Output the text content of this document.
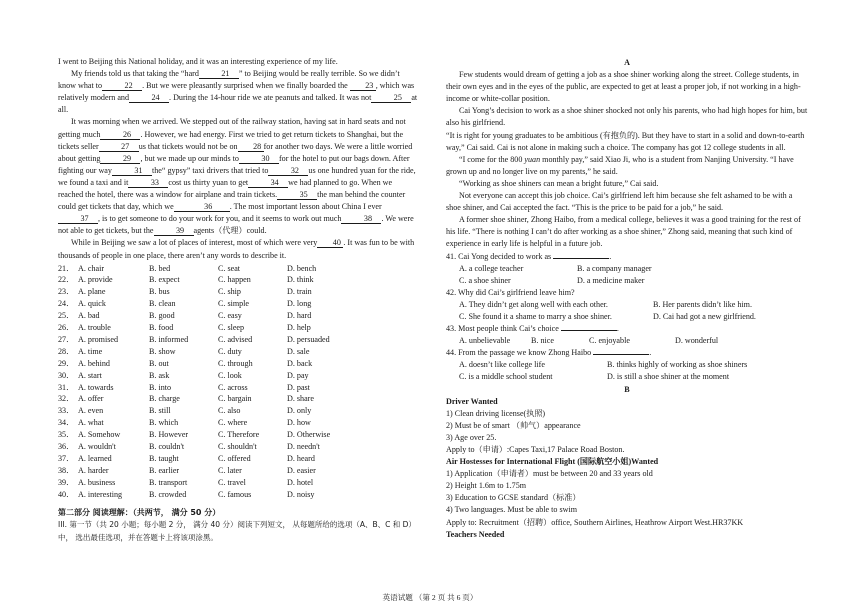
I went to Beijing this National holiday, and it was an interesting experience of my life.

My friends told us that taking the “hard	21 ” to Beijing would be really terrible. So we didn’t know what to	22 . But we were pleasantly surprised when we finally boarded the 23 , which was relatively modern and	24 . During the 14-hour ride we ate peanuts and talked. It was not	25 at all.

It was morning when we arrived. We stepped out of the railway station, having sat in hard seats and not getting much	26 . However, we had energy. First we tried to get return tickets to Shanghai, but the tickets seller	27 us that tickets would not be on 28 for another two days. We were a little worried about getting	29 , but we made up our minds to	30 for the hotel to put our bags down. After fighting our way	31 the“ gypsy” taxi drivers that tried to	32 us one hundred yuan for the ride, we found a taxi and it	33 cost us thirty yuan to get	34 we had planned to go. When we reached the hotel, there was a window for airplane and train tickets.	35 the man behind the counter could get tickets that day, which we	36 . The most important lesson about China I ever37 , is to get someone to do your work for you, and it seems to work out much	38 . We were not able to get tickets, but the	39 agents（代理）could.

While in Beijing we saw a lot of places of interest, most of which were very 40 . It was fun to be with thousands of people in one place, there aren’t any words to describe it.

21． A. chair	B. bed	C. seat	D. bench
22． A. provide	B. expect	C. happen	D. think
23． A. plane	B. bus	C. ship	D. train
24． A. quick	B. clean	C. simple	D. long
25． A. bad	B. good	C. easy	D. hard
26． A. trouble	B. food	C. sleep	D. help
27． A. promised	B. informed	C. advised	D. persuaded
28． A. time	B. show	C. duty	D. sale
29． A. behind	B. out	C. through	D. back
30． A. start	B. ask	C. look	D. pay
31． A. towards	B. into	C. across	D. past
32． A. offer	B. charge	C. bargain	D. share
33． A. even	B. still	C. also	D. only
34． A. what	B. which	C. where	D. how
35． A. Somehow	B. However	C. Therefore	D. Otherwise
36． A. wouldn't	B. couldn't	C. shouldn't	D. needn't
37． A. learned	B. taught	C. offered	D. heard
38． A. harder	B. earlier	C. later	D. easier
39． A. business	B. transport	C. travel	D. hotel
40． A. interesting	B. crowded	C. famous	D. noisy
第二部分 阅读理解：（共两节， 满分 50 分）
ⅠⅠⅠ. 第一节（共 20 小题；每小题 2 分， 满分 40 分）阅读下列短文， 从每题所给的选项（A、B、C 和 D）中， 选出最佳选项，并在答题卡上将该项涂黑。

A

Few students would dream of getting a job as a shoe shiner working along the street. College students, in their own eyes and in the eyes of the public, are expected to get at least a proper job, if not working in a high-income or white-collar position.

Cai Yong’s decision to work as a shoe shiner shocked not only his parents, who had high hopes for him, but also his girlfriend.

“It is right for young graduates to be ambitious (有抱负的). But they have to start in a solid and down-to-earth way,” Cai said. Cai is not alone in making such a choice. The company has got 12 college students in all.

“I come for the 800 yuan monthly pay,” said Xiao Ji, who is a student from Nanjing University. “I have grown up and no longer live on my parents,” he said.

“Working as shoe shiners can mean a bright future,” Cai said.

Not everyone can accept this job choice. Cai’s girlfriend left him because she felt ashamed to be with a shoe shiner, and Cai accepted the fact. “This is the price to be paid for a job,” he said.

A former shoe shiner, Zhong Haibo, from a medical college, believes it was a good training for the rest of his life. “There is nothing I can’t do after working as a shoe shiner,” Zhong said, meaning that such kind of experience in early life is helpful in a future job.

41. Cai Yong decided to work as	.

A. a college teacher	B. a company manager
C. a shoe shiner	D. a medicine maker

42. Why did Cai’s girlfriend leave him?

A. They didn’t get along well with each other.	B. Her parents didn’t like him.
C. She found it a shame to marry a shoe shiner.	D. Cai had got a new girlfriend.

43. Most people think Cai’s choice	.

A. unbelievable	B. nice	C. enjoyable	D. wonderful

44. From the passage we know Zhong Haibo	.

A. doesn’t like college life	B. thinks highly of working as shoe shiners
C. is a middle school student	D. is still a shoe shiner at the moment

B

Driver Wanted

1) Clean driving license(执照)

2) Must be of smart （帅气）appearance

3) Age over 25.

Apply to（申请）:Capes Taxi,17 Palace Road Boston.

Air Hostesses for International Flight (国际航空小姐)Wanted

1) Application（申请者）must be between 20 and 33 years old

2) Height 1.6m to 1.75m

3) Education to GCSE standard（标准）

4) Two languages. Must be able to swim

Apply to: Recruitment（招聘）office, Southern Airlines, Heathrow Airport West.HR37KK

Teachers Needed

英语试题 （第 2 页 共 6 页）
